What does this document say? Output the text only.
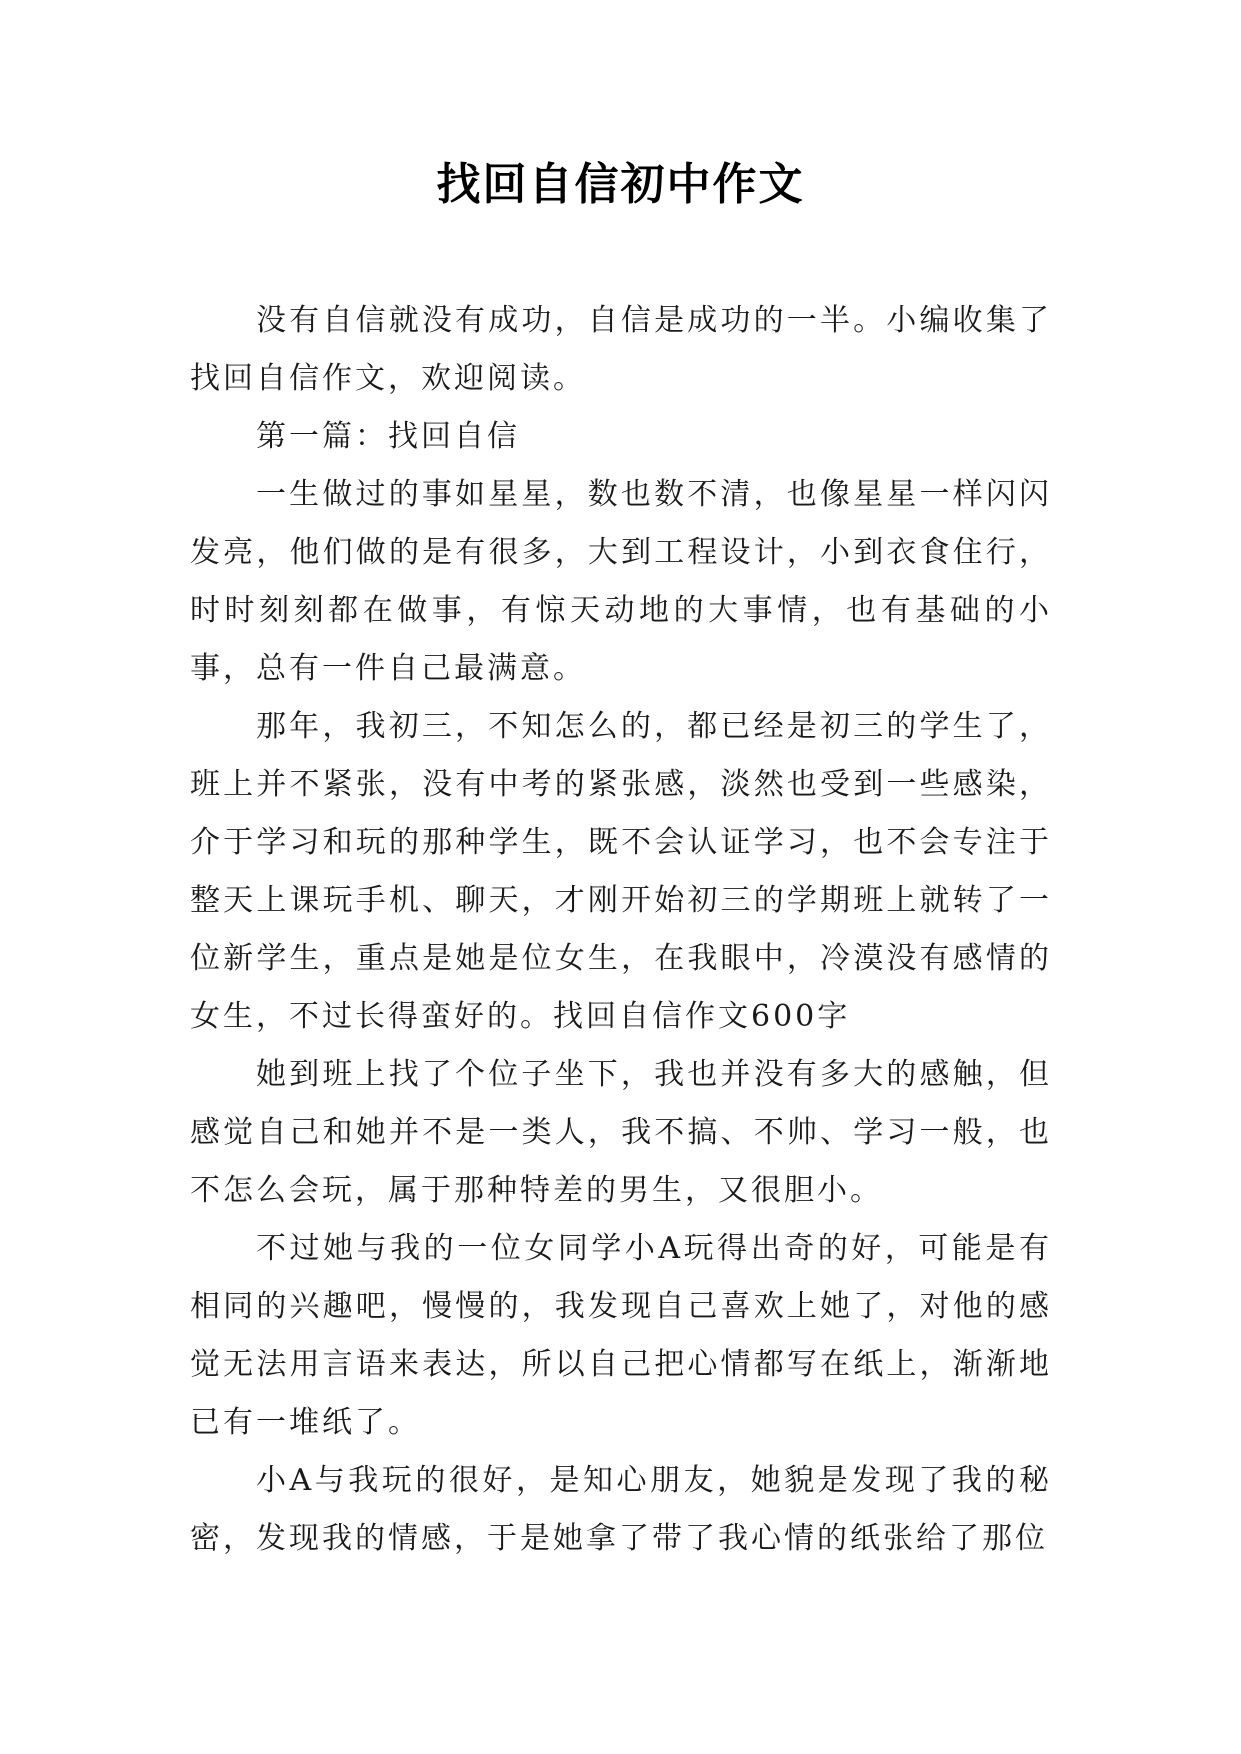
找回自信初中作文

没有自信就没有成功，自信是成功的一半。小编收集了找回自信作文，欢迎阅读。

第一篇：找回自信

一生做过的事如星星，数也数不清，也像星星一样闪闪发亮，他们做的是有很多，大到工程设计，小到衣食住行，时时刻刻都在做事，有惊天动地的大事情，也有基础的小事，总有一件自己最满意。

那年，我初三，不知怎么的，都已经是初三的学生了，班上并不紧张，没有中考的紧张感，淡然也受到一些感染，介于学习和玩的那种学生，既不会认证学习，也不会专注于整天上课玩手机、聊天，才刚开始初三的学期班上就转了一位新学生，重点是她是位女生，在我眼中，冷漠没有感情的女生，不过长得蛮好的。找回自信作文600字

她到班上找了个位子坐下，我也并没有多大的感触，但感觉自己和她并不是一类人，我不搞、不帅、学习一般，也不怎么会玩，属于那种特差的男生，又很胆小。

不过她与我的一位女同学小A玩得出奇的好，可能是有相同的兴趣吧，慢慢的，我发现自己喜欢上她了，对他的感觉无法用言语来表达，所以自己把心情都写在纸上，渐渐地已有一堆纸了。

小A与我玩的很好，是知心朋友，她貌是发现了我的秘密，发现我的情感，于是她拿了带了我心情的纸张给了那位
